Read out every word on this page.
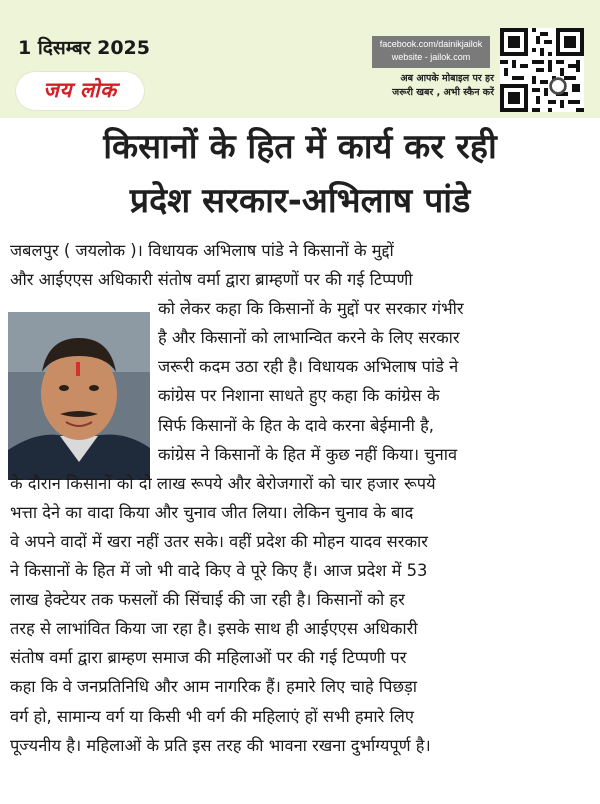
1 दिसम्बर 2025
जय लोक
facebook.com/dainikjailok
website - jailok.com
अब आपके मोबाइल पर हर
जरूरी खबर , अभी स्कैन करें
किसानों के हित में कार्य कर रही
प्रदेश सरकार-अभिलाष पांडे
जबलपुर ( जयलोक )। विधायक अभिलाष पांडे ने किसानों के मुद्दों
और आईएएस अधिकारी संतोष वर्मा द्वारा ब्राम्हणों पर की गई टिप्पणी
को लेकर कहा कि किसानों के मुद्दों पर सरकार गंभीर
है और किसानों को लाभान्वित करने के लिए सरकार
जरूरी कदम उठा रही है। विधायक अभिलाष पांडे ने
कांग्रेस पर निशाना साधते हुए कहा कि कांग्रेस के
सिर्फ किसानों के हित के दावे करना बेईमानी है,
कांग्रेस ने किसानों के हित में कुछ नहीं किया। चुनाव
के दौरान किसानों को दो लाख रूपये और बेरोजगारों को चार हजार रूपये
भत्ता देने का वादा किया और चुनाव जीत लिया। लेकिन चुनाव के बाद
वे अपने वादों में खरा नहीं उतर सके। वहीं प्रदेश की मोहन यादव सरकार
ने किसानों के हित में जो भी वादे किए वे पूरे किए हैं। आज प्रदेश में 53
लाख हेक्टेयर तक फसलों की सिंचाई की जा रही है। किसानों को हर
तरह से लाभांवित किया जा रहा है। इसके साथ ही आईएएस अधिकारी
संतोष वर्मा द्वारा ब्राम्हण समाज की महिलाओं पर की गई टिप्पणी पर
कहा कि वे जनप्रतिनिधि और आम नागरिक हैं। हमारे लिए चाहे पिछड़ा
वर्ग हो, सामान्य वर्ग या किसी भी वर्ग की महिलाएं हों सभी हमारे लिए
पूज्यनीय है। महिलाओं के प्रति इस तरह की भावना रखना दुर्भाग्यपूर्ण है।
